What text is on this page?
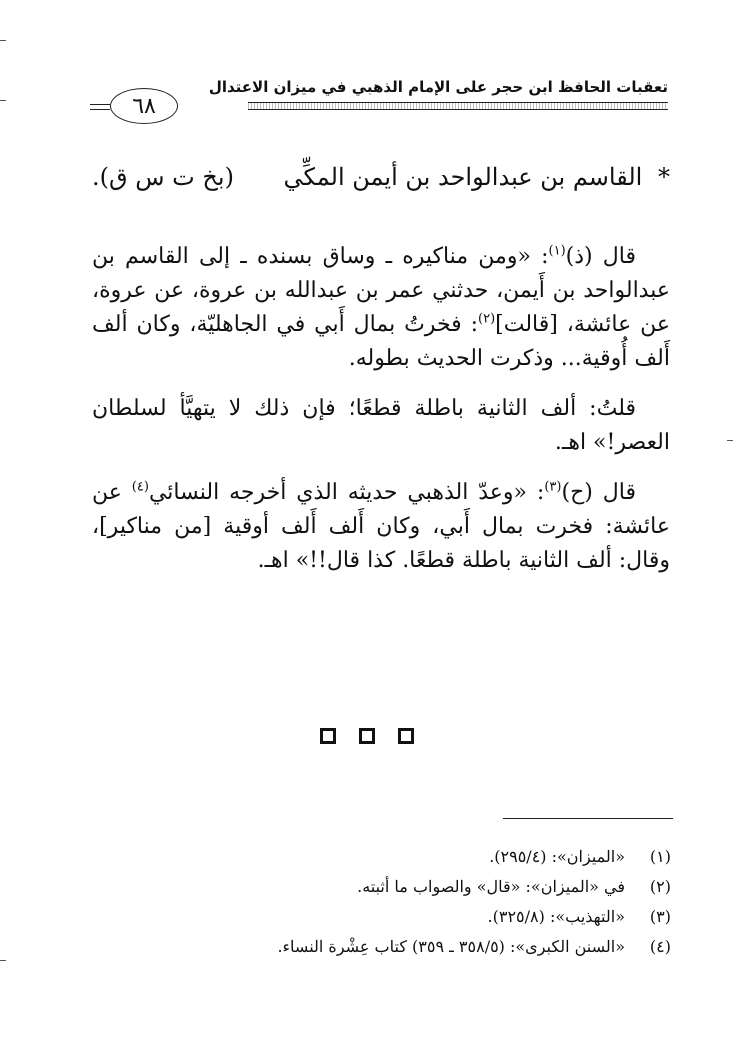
تعقبات الحافظ ابن حجر على الإمام الذهبي في ميزان الاعتدال
٦٨
* القاسم بن عبدالواحد بن أيمن المكِّي
(بخ ت س ق).

قال (ذ)$^{(١)}$: «ومن مناكيره ـ وساق بسنده ـ إلى القاسم بن عبدالواحد بن أَيمن، حدثني عمر بن عبدالله بن عروة، عن عروة، عن عائشة، [قالت]$^{(٢)}$: فخرتُ بمال أَبي في الجاهليّة، وكان ألف أَلف أُوقية... وذكرت الحديث بطوله.

قلتُ: ألف الثانية باطلة قطعًا؛ فإن ذلك لا يتهيَّأ لسلطان العصر!» اهـ.

قال (ح)$^{(٣)}$: «وعدّ الذهبي حديثه الذي أخرجه النسائي$^{(٤)}$ عن عائشة: فخرت بمال أَبي، وكان أَلف أَلف أوقية [من مناكير]، وقال: ألف الثانية باطلة قطعًا. كذا قال!!» اهـ.

(١)
«الميزان»: (٢٩٥/٤).
(٢)
في «الميزان»: «قال» والصواب ما أثبته.
(٣)
«التهذيب»: (٣٢٥/٨).
(٤)
«السنن الكبرى»: (٣٥٨/٥ ـ ٣٥٩) كتاب عِشْرة النساء.
